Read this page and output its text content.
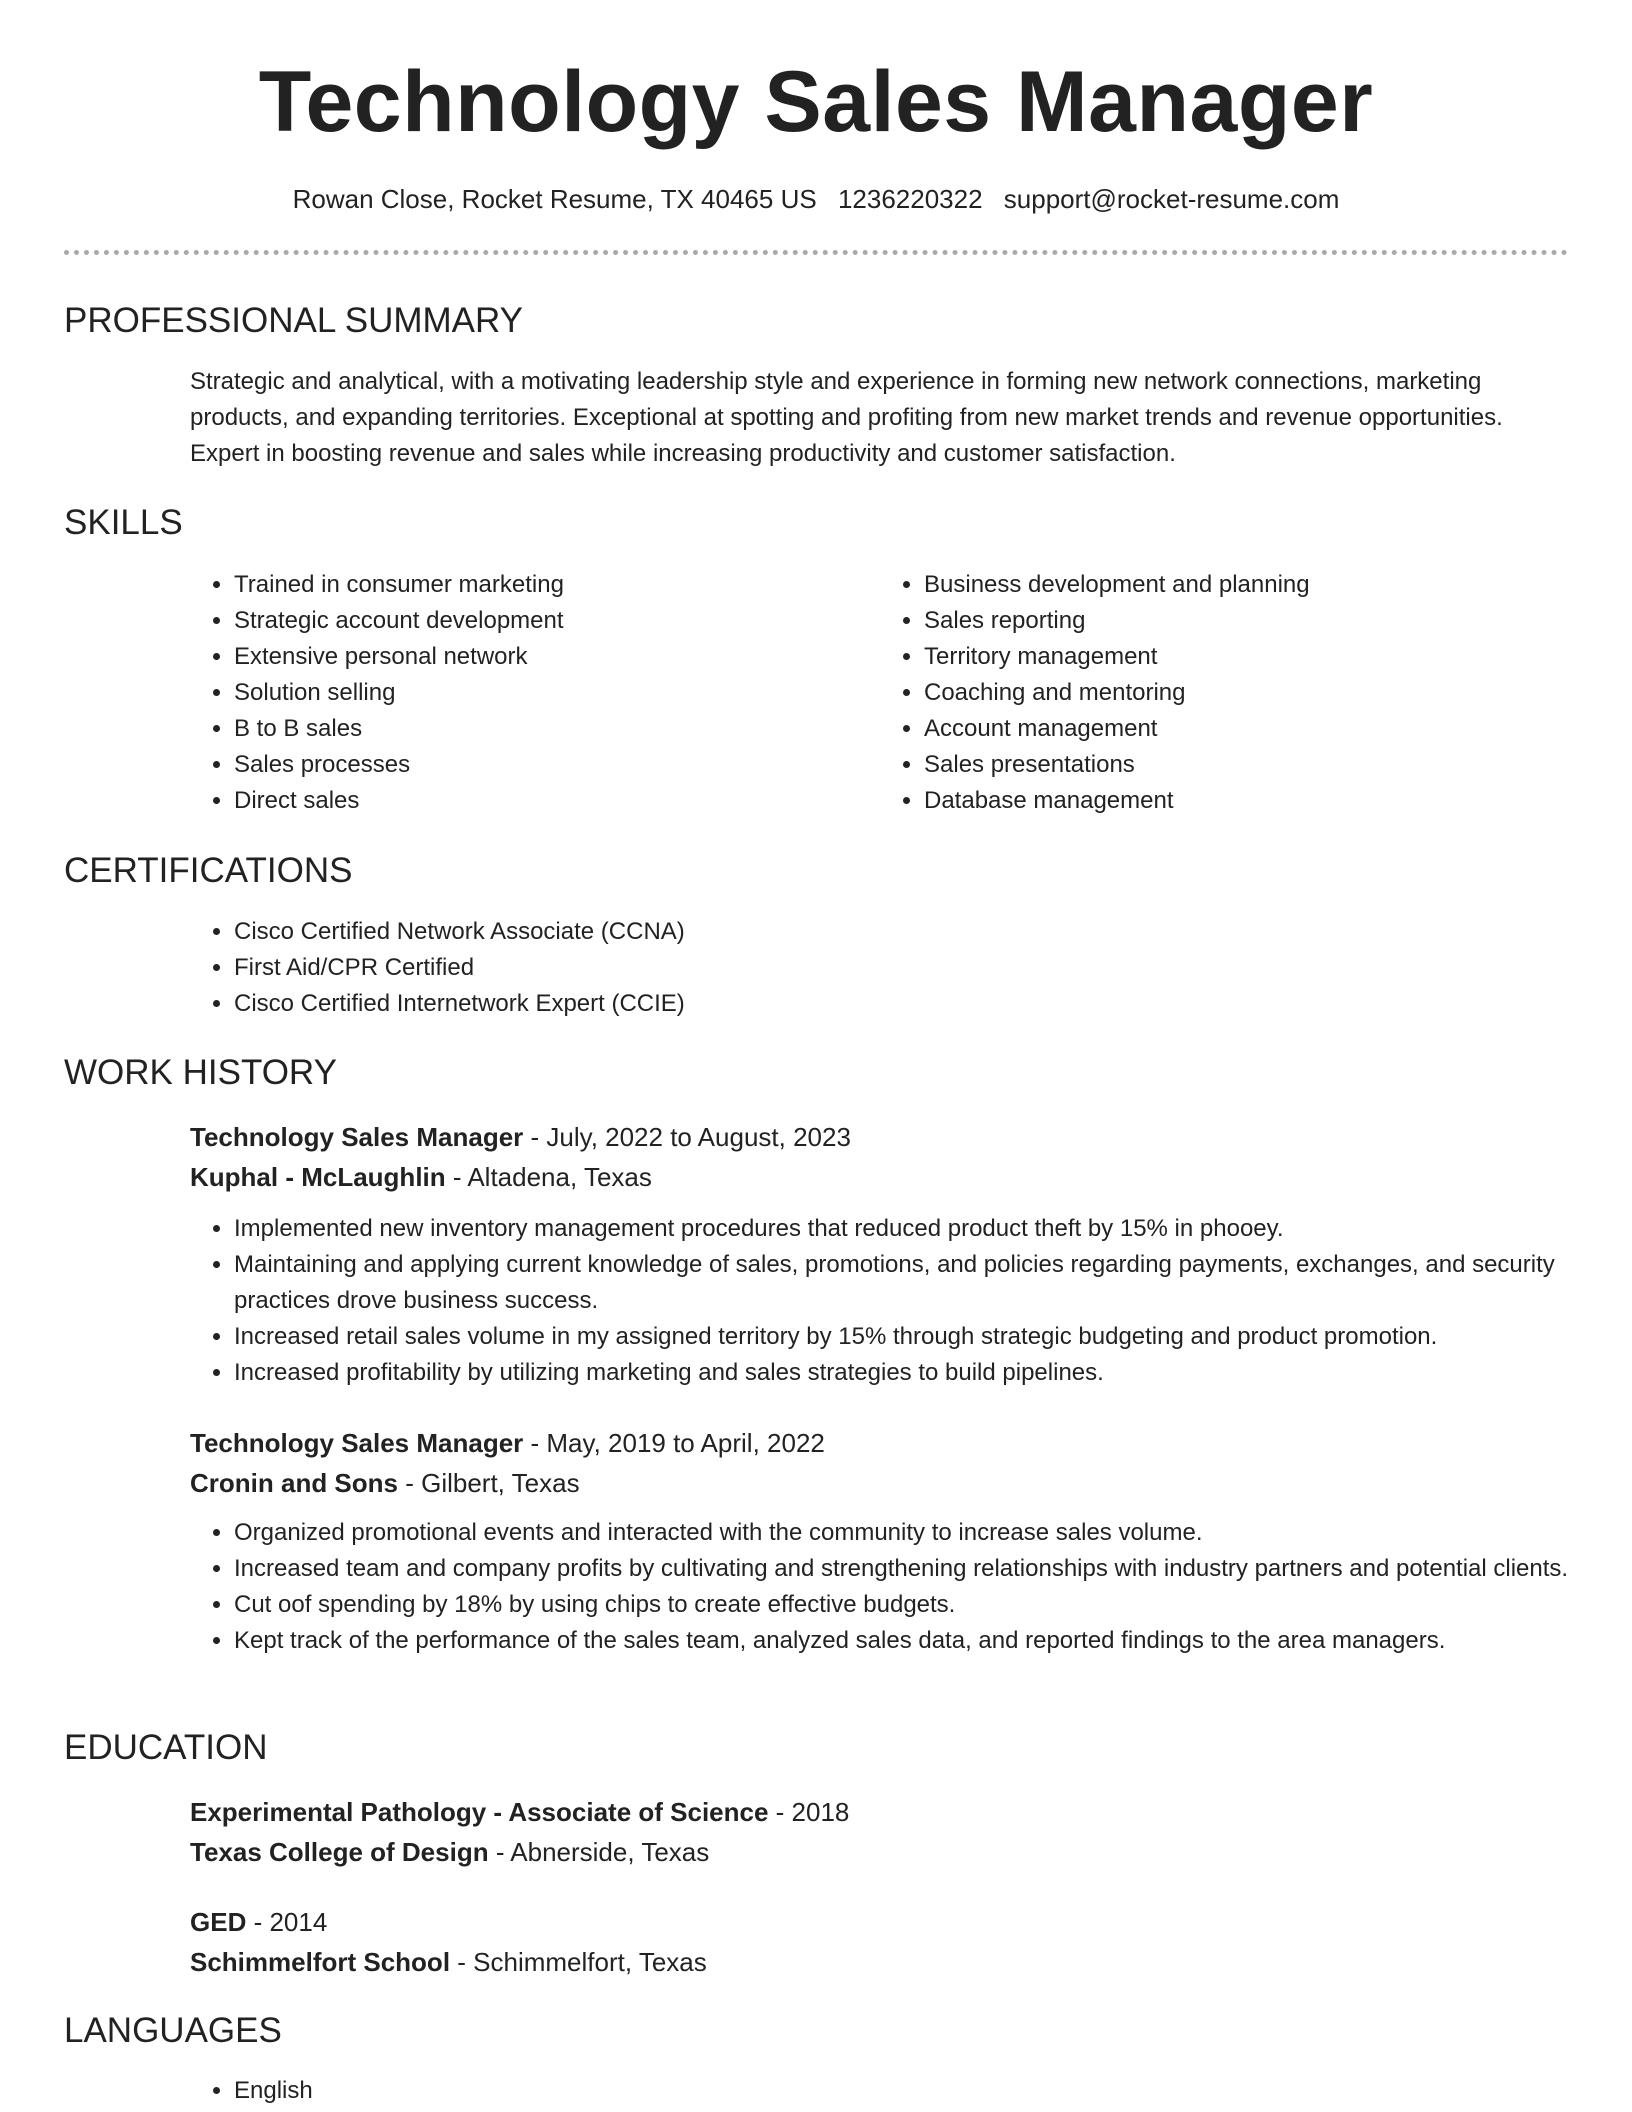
Technology Sales Manager
Rowan Close, Rocket Resume, TX 40465 US 1236220322 support@rocket-resume.com
PROFESSIONAL SUMMARY

Strategic and analytical, with a motivating leadership style and experience in forming new network connections, marketing products, and expanding territories. Exceptional at spotting and profiting from new market trends and revenue opportunities. Expert in boosting revenue and sales while increasing productivity and customer satisfaction.

SKILLS
• Trained in consumer marketing
• Strategic account development
• Extensive personal network
• Solution selling
• B to B sales
• Sales processes
• Direct sales
• Business development and planning
• Sales reporting
• Territory management
• Coaching and mentoring
• Account management
• Sales presentations
• Database management
CERTIFICATIONS
• Cisco Certified Network Associate (CCNA)
• First Aid/CPR Certified
• Cisco Certified Internetwork Expert (CCIE)
WORK HISTORY
Technology Sales Manager - July, 2022 to August, 2023
Kuphal - McLaughlin - Altadena, Texas
• Implemented new inventory management procedures that reduced product theft by 15% in phooey.
• Maintaining and applying current knowledge of sales, promotions, and policies regarding payments, exchanges, and security practices drove business success.
• Increased retail sales volume in my assigned territory by 15% through strategic budgeting and product promotion.
• Increased profitability by utilizing marketing and sales strategies to build pipelines.
Technology Sales Manager - May, 2019 to April, 2022
Cronin and Sons - Gilbert, Texas
• Organized promotional events and interacted with the community to increase sales volume.
• Increased team and company profits by cultivating and strengthening relationships with industry partners and potential clients.
• Cut oof spending by 18% by using chips to create effective budgets.
• Kept track of the performance of the sales team, analyzed sales data, and reported findings to the area managers.
EDUCATION
Experimental Pathology - Associate of Science - 2018
Texas College of Design - Abnerside, Texas
GED - 2014
Schimmelfort School - Schimmelfort, Texas
LANGUAGES
• English
